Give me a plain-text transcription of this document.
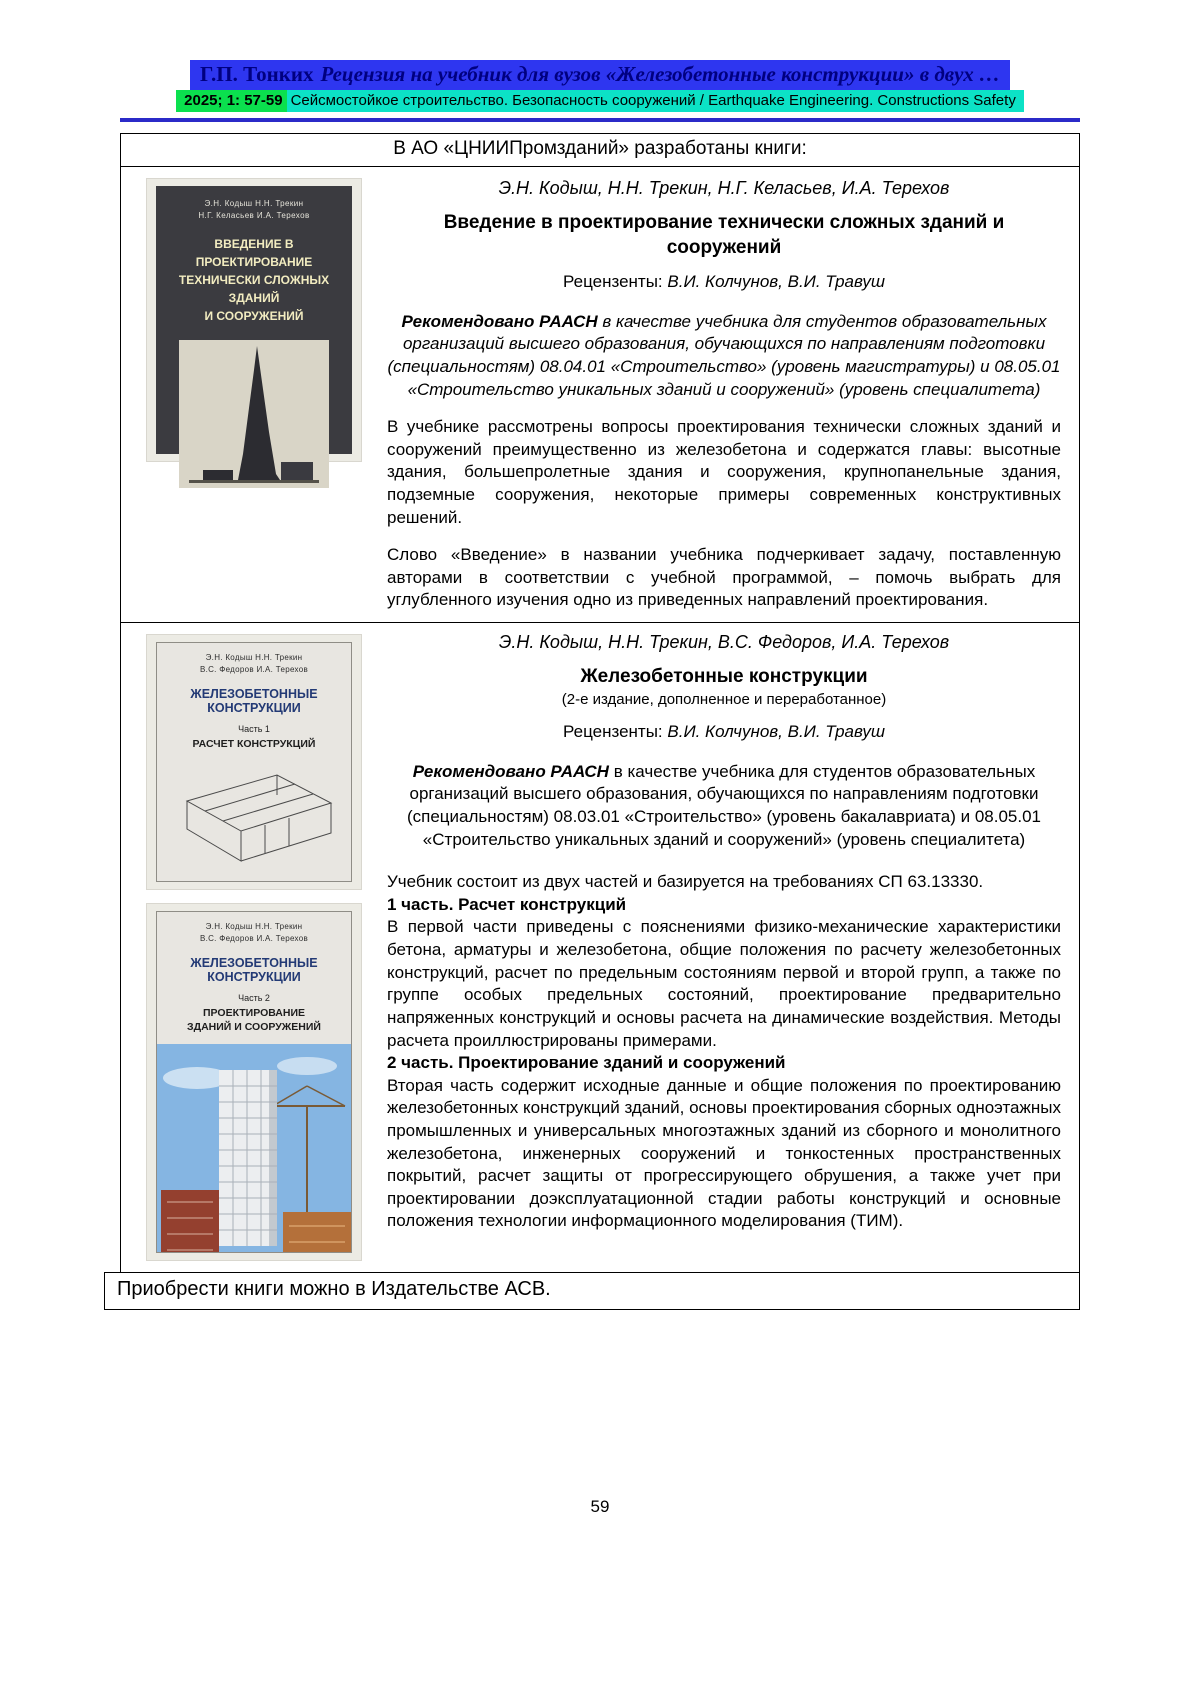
Г.П. Тонких Рецензия на учебник для вузов «Железобетонные конструкции» в двух …
2025; 1: 57-59 Сейсмостойкое строительство. Безопасность сооружений / Earthquake Engineering. Constructions Safety
В АО «ЦНИИПромзданий» разработаны книги:
Э.Н. Кодыш Н.Н. Трекин
Н.Г. Келасьев И.А. Терехов
ВВЕДЕНИЕ В ПРОЕКТИРОВАНИЕ
ТЕХНИЧЕСКИ СЛОЖНЫХ ЗДАНИЙ
И СООРУЖЕНИЙ

Э.Н. Кодыш, Н.Н. Трекин, Н.Г. Келасьев, И.А. Терехов

Введение в проектирование технически сложных зданий и сооружений

Рецензенты: В.И. Колчунов, В.И. Травуш

Рекомендовано РААСН в качестве учебника для студентов образовательных организаций высшего образования, обучающихся по направлениям подготовки (специальностям) 08.04.01 «Строительство» (уровень магистратуры) и 08.05.01 «Строительство уникальных зданий и сооружений» (уровень специалитета)

В учебнике рассмотрены вопросы проектирования технически сложных зданий и сооружений преимущественно из железобетона и содержатся главы: высотные здания, большепролетные здания и сооружения, крупнопанельные здания, подземные сооружения, некоторые примеры современных конструктивных решений.

Слово «Введение» в названии учебника подчеркивает задачу, поставленную авторами в соответствии с учебной программой, – помочь выбрать для углубленного изучения одно из приведенных направлений проектирования.

Э.Н. Кодыш Н.Н. Трекин
В.С. Федоров И.А. Терехов
ЖЕЛЕЗОБЕТОННЫЕ КОНСТРУКЦИИ
Часть 1
РАСЧЕТ КОНСТРУКЦИЙ
Э.Н. Кодыш Н.Н. Трекин
В.С. Федоров И.А. Терехов
ЖЕЛЕЗОБЕТОННЫЕ КОНСТРУКЦИИ
Часть 2
ПРОЕКТИРОВАНИЕ
ЗДАНИЙ И СООРУЖЕНИЙ

Э.Н. Кодыш, Н.Н. Трекин, В.С. Федоров, И.А. Терехов

Железобетонные конструкции

(2-е издание, дополненное и переработанное)

Рецензенты: В.И. Колчунов, В.И. Травуш

Рекомендовано РААСН в качестве учебника для студентов образовательных организаций высшего образования, обучающихся по направлениям подготовки (специальностям) 08.03.01 «Строительство» (уровень бакалавриата) и 08.05.01 «Строительство уникальных зданий и сооружений» (уровень специалитета)

Учебник состоит из двух частей и базируется на требованиях СП 63.13330.

1 часть. Расчет конструкций

В первой части приведены с пояснениями физико-механические характеристики бетона, арматуры и железобетона, общие положения по расчету железобетонных конструкций, расчет по предельным состояниям первой и второй групп, а также по группе особых предельных состояний, проектирование предварительно напряженных конструкций и основы расчета на динамические воздействия. Методы расчета проиллюстрированы примерами.

2 часть. Проектирование зданий и сооружений

Вторая часть содержит исходные данные и общие положения по проектированию железобетонных конструкций зданий, основы проектирования сборных одноэтажных промышленных и универсальных многоэтажных зданий из сборного и монолитного железобетона, инженерных сооружений и тонкостенных пространственных покрытий, расчет защиты от прогрессирующего обрушения, а также учет при проектировании доэксплуатационной стадии работы конструкций и основные положения технологии информационного моделирования (ТИМ).

Приобрести книги можно в Издательстве АСВ.
59
